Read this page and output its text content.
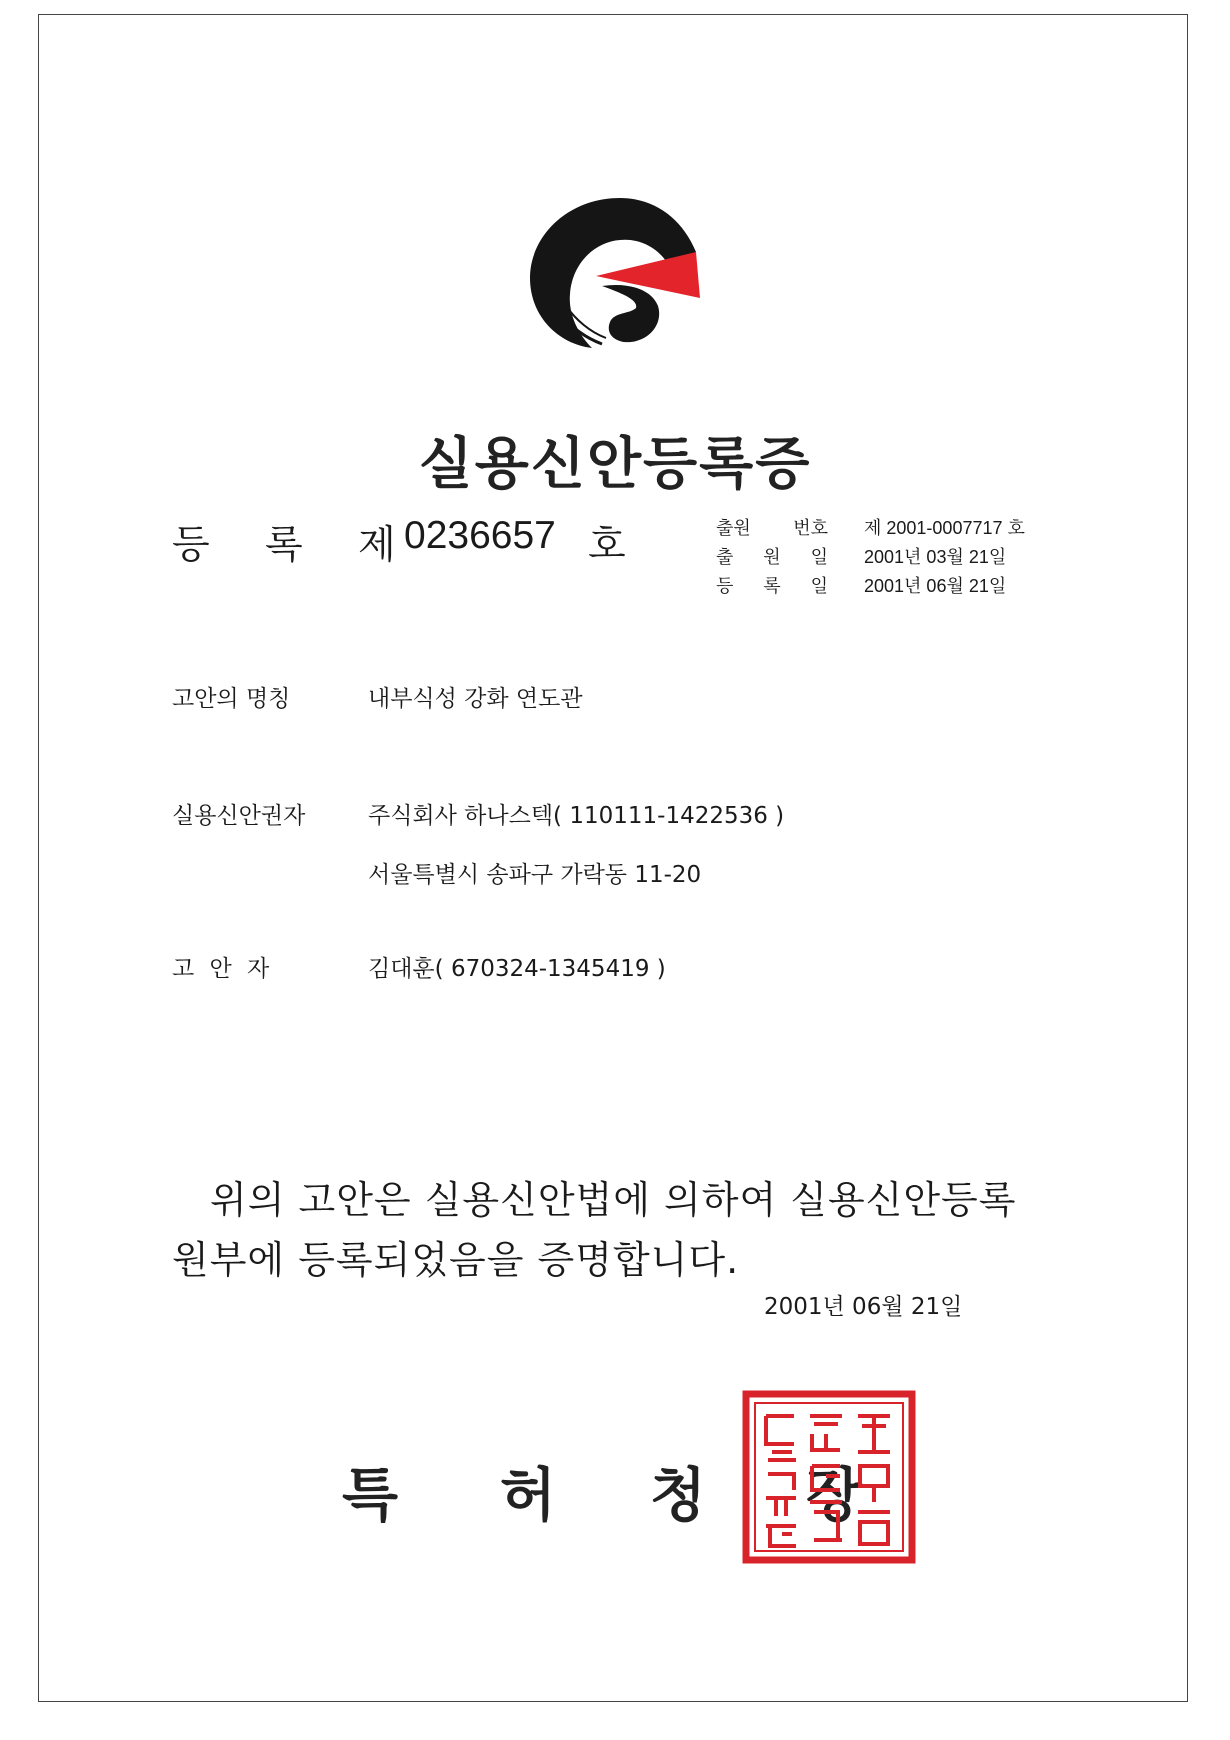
실용신안등록증
등 록 제 0236657 호	출원 번호 제 2001-0007717 호
출 원 일 2001년 03월 21일
등 록 일 2001년 06월 21일
고안의 명칭	내부식성 강화 연도관
실용신안권자	주식회사 하나스텍( 110111-1422536 )
서울특별시 송파구 가락동 11-20
고 안 자	김대훈( 670324-1345419 )
위의 고안은 실용신안법에 의하여 실용신안등록 원부에 등록되었음을 증명합니다.
2001년 06월 21일
특 허 청 장
